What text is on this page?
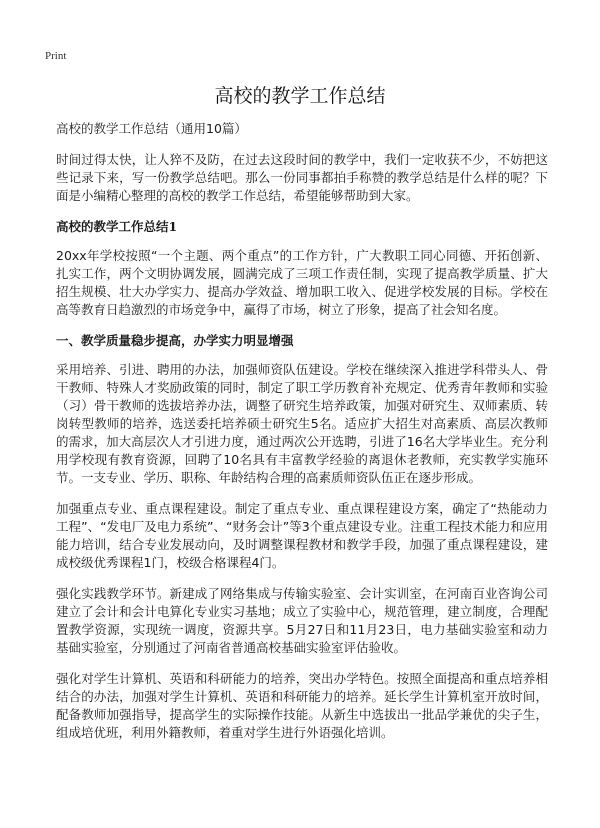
Print
高校的教学工作总结

高校的教学工作总结（通用10篇）

时间过得太快，让人猝不及防，在过去这段时间的教学中，我们一定收获不少，不妨把这些记录下来，写一份教学总结吧。那么一份同事都拍手称赞的教学总结是什么样的呢？下面是小编精心整理的高校的教学工作总结，希望能够帮助到大家。

高校的教学工作总结1

20xx年学校按照“一个主题、两个重点”的工作方针，广大教职工同心同德、开拓创新、扎实工作，两个文明协调发展，圆满完成了三项工作责任制，实现了提高教学质量、扩大招生规模、壮大办学实力、提高办学效益、增加职工收入、促进学校发展的目标。学校在高等教育日趋激烈的市场竞争中，赢得了市场，树立了形象，提高了社会知名度。

一、教学质量稳步提高，办学实力明显增强

采用培养、引进、聘用的办法，加强师资队伍建设。学校在继续深入推进学科带头人、骨干教师、特殊人才奖励政策的同时，制定了职工学历教育补充规定、优秀青年教师和实验（习）骨干教师的选拔培养办法，调整了研究生培养政策，加强对研究生、双师素质、转岗转型教师的培养，选送委托培养硕士研究生5名。适应扩大招生对高素质、高层次教师的需求，加大高层次人才引进力度，通过两次公开选聘，引进了16名大学毕业生。充分利用学校现有教育资源，回聘了10名具有丰富教学经验的离退休老教师，充实教学实施环节。一支专业、学历、职称、年龄结构合理的高素质师资队伍正在逐步形成。

加强重点专业、重点课程建设。制定了重点专业、重点课程建设方案，确定了“热能动力工程”、“发电厂及电力系统”、“财务会计”等3个重点建设专业。注重工程技术能力和应用能力培训，结合专业发展动向，及时调整课程教材和教学手段，加强了重点课程建设，建成校级优秀课程1门，校级合格课程4门。

强化实践教学环节。新建成了网络集成与传输实验室、会计实训室，在河南百业咨询公司建立了会计和会计电算化专业实习基地；成立了实验中心，规范管理，建立制度，合理配置教学资源，实现统一调度，资源共享。5月27日和11月23日，电力基础实验室和动力基础实验室，分别通过了河南省普通高校基础实验室评估验收。

强化对学生计算机、英语和科研能力的培养，突出办学特色。按照全面提高和重点培养相结合的办法，加强对学生计算机、英语和科研能力的培养。延长学生计算机室开放时间，配备教师加强指导，提高学生的实际操作技能。从新生中选拔出一批品学兼优的尖子生，组成培优班，利用外籍教师，着重对学生进行外语强化培训。
